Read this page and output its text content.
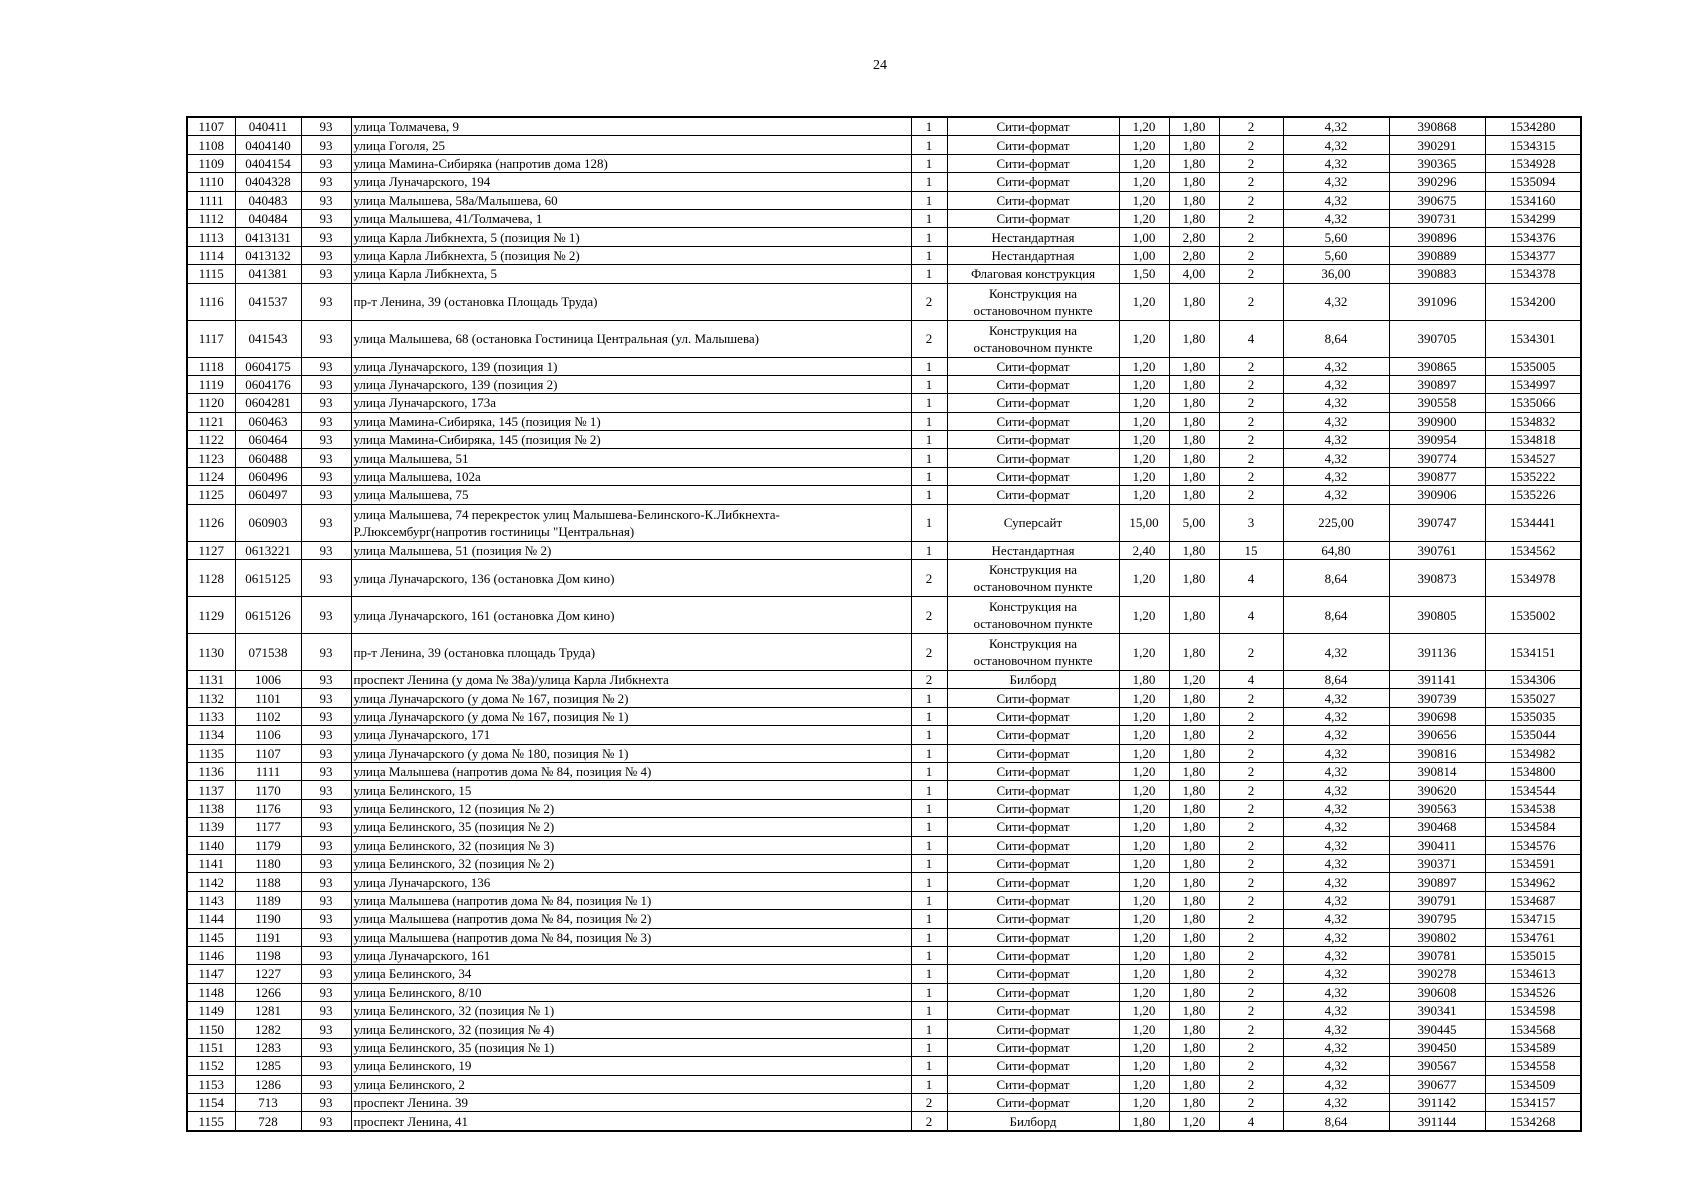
24
1107	040411	93	улица Толмачева, 9	1	Сити-формат	1,20	1,80	2	4,32	390868	1534280
1108	0404140	93	улица Гоголя, 25	1	Сити-формат	1,20	1,80	2	4,32	390291	1534315
1109	0404154	93	улица Мамина-Сибиряка (напротив дома 128)	1	Сити-формат	1,20	1,80	2	4,32	390365	1534928
1110	0404328	93	улица Луначарского, 194	1	Сити-формат	1,20	1,80	2	4,32	390296	1535094
1111	040483	93	улица Малышева, 58а/Малышева, 60	1	Сити-формат	1,20	1,80	2	4,32	390675	1534160
1112	040484	93	улица Малышева, 41/Толмачева, 1	1	Сити-формат	1,20	1,80	2	4,32	390731	1534299
1113	0413131	93	улица Карла Либкнехта, 5 (позиция № 1)	1	Нестандартная	1,00	2,80	2	5,60	390896	1534376
1114	0413132	93	улица Карла Либкнехта, 5 (позиция № 2)	1	Нестандартная	1,00	2,80	2	5,60	390889	1534377
1115	041381	93	улица Карла Либкнехта, 5	1	Флаговая конструкция	1,50	4,00	2	36,00	390883	1534378
1116	041537	93	пр-т Ленина, 39 (остановка Площадь Труда)	2	Конструкция на остановочном пункте	1,20	1,80	2	4,32	391096	1534200
1117	041543	93	улица Малышева, 68 (остановка Гостиница Центральная (ул. Малышева)	2	Конструкция на остановочном пункте	1,20	1,80	4	8,64	390705	1534301
1118	0604175	93	улица Луначарского, 139 (позиция 1)	1	Сити-формат	1,20	1,80	2	4,32	390865	1535005
1119	0604176	93	улица Луначарского, 139 (позиция 2)	1	Сити-формат	1,20	1,80	2	4,32	390897	1534997
1120	0604281	93	улица Луначарского, 173а	1	Сити-формат	1,20	1,80	2	4,32	390558	1535066
1121	060463	93	улица Мамина-Сибиряка, 145 (позиция № 1)	1	Сити-формат	1,20	1,80	2	4,32	390900	1534832
1122	060464	93	улица Мамина-Сибиряка, 145 (позиция № 2)	1	Сити-формат	1,20	1,80	2	4,32	390954	1534818
1123	060488	93	улица Малышева, 51	1	Сити-формат	1,20	1,80	2	4,32	390774	1534527
1124	060496	93	улица Малышева, 102а	1	Сити-формат	1,20	1,80	2	4,32	390877	1535222
1125	060497	93	улица Малышева, 75	1	Сити-формат	1,20	1,80	2	4,32	390906	1535226
1126	060903	93	улица Малышева, 74 перекресток улиц Малышева-Белинского-К.Либкнехта-Р.Люксембург(напротив гостиницы "Центральная)	1	Суперсайт	15,00	5,00	3	225,00	390747	1534441
1127	0613221	93	улица Малышева, 51 (позиция № 2)	1	Нестандартная	2,40	1,80	15	64,80	390761	1534562
1128	0615125	93	улица Луначарского, 136 (остановка Дом кино)	2	Конструкция на остановочном пункте	1,20	1,80	4	8,64	390873	1534978
1129	0615126	93	улица Луначарского, 161 (остановка Дом кино)	2	Конструкция на остановочном пункте	1,20	1,80	4	8,64	390805	1535002
1130	071538	93	пр-т Ленина, 39 (остановка площадь Труда)	2	Конструкция на остановочном пункте	1,20	1,80	2	4,32	391136	1534151
1131	1006	93	проспект Ленина (у дома № 38а)/улица Карла Либкнехта	2	Билборд	1,80	1,20	4	8,64	391141	1534306
1132	1101	93	улица Луначарского (у дома № 167, позиция № 2)	1	Сити-формат	1,20	1,80	2	4,32	390739	1535027
1133	1102	93	улица Луначарского (у дома № 167, позиция № 1)	1	Сити-формат	1,20	1,80	2	4,32	390698	1535035
1134	1106	93	улица Луначарского, 171	1	Сити-формат	1,20	1,80	2	4,32	390656	1535044
1135	1107	93	улица Луначарского (у дома № 180, позиция № 1)	1	Сити-формат	1,20	1,80	2	4,32	390816	1534982
1136	1111	93	улица Малышева (напротив дома № 84, позиция № 4)	1	Сити-формат	1,20	1,80	2	4,32	390814	1534800
1137	1170	93	улица Белинского, 15	1	Сити-формат	1,20	1,80	2	4,32	390620	1534544
1138	1176	93	улица Белинского, 12 (позиция № 2)	1	Сити-формат	1,20	1,80	2	4,32	390563	1534538
1139	1177	93	улица Белинского, 35 (позиция № 2)	1	Сити-формат	1,20	1,80	2	4,32	390468	1534584
1140	1179	93	улица Белинского, 32 (позиция № 3)	1	Сити-формат	1,20	1,80	2	4,32	390411	1534576
1141	1180	93	улица Белинского, 32 (позиция № 2)	1	Сити-формат	1,20	1,80	2	4,32	390371	1534591
1142	1188	93	улица Луначарского, 136	1	Сити-формат	1,20	1,80	2	4,32	390897	1534962
1143	1189	93	улица Малышева (напротив дома № 84, позиция № 1)	1	Сити-формат	1,20	1,80	2	4,32	390791	1534687
1144	1190	93	улица Малышева (напротив дома № 84, позиция № 2)	1	Сити-формат	1,20	1,80	2	4,32	390795	1534715
1145	1191	93	улица Малышева (напротив дома № 84, позиция № 3)	1	Сити-формат	1,20	1,80	2	4,32	390802	1534761
1146	1198	93	улица Луначарского, 161	1	Сити-формат	1,20	1,80	2	4,32	390781	1535015
1147	1227	93	улица Белинского, 34	1	Сити-формат	1,20	1,80	2	4,32	390278	1534613
1148	1266	93	улица Белинского, 8/10	1	Сити-формат	1,20	1,80	2	4,32	390608	1534526
1149	1281	93	улица Белинского, 32 (позиция № 1)	1	Сити-формат	1,20	1,80	2	4,32	390341	1534598
1150	1282	93	улица Белинского, 32 (позиция № 4)	1	Сити-формат	1,20	1,80	2	4,32	390445	1534568
1151	1283	93	улица Белинского, 35 (позиция № 1)	1	Сити-формат	1,20	1,80	2	4,32	390450	1534589
1152	1285	93	улица Белинского, 19	1	Сити-формат	1,20	1,80	2	4,32	390567	1534558
1153	1286	93	улица Белинского, 2	1	Сити-формат	1,20	1,80	2	4,32	390677	1534509
1154	713	93	проспект Ленина. 39	2	Сити-формат	1,20	1,80	2	4,32	391142	1534157
1155	728	93	проспект Ленина, 41	2	Билборд	1,80	1,20	4	8,64	391144	1534268
